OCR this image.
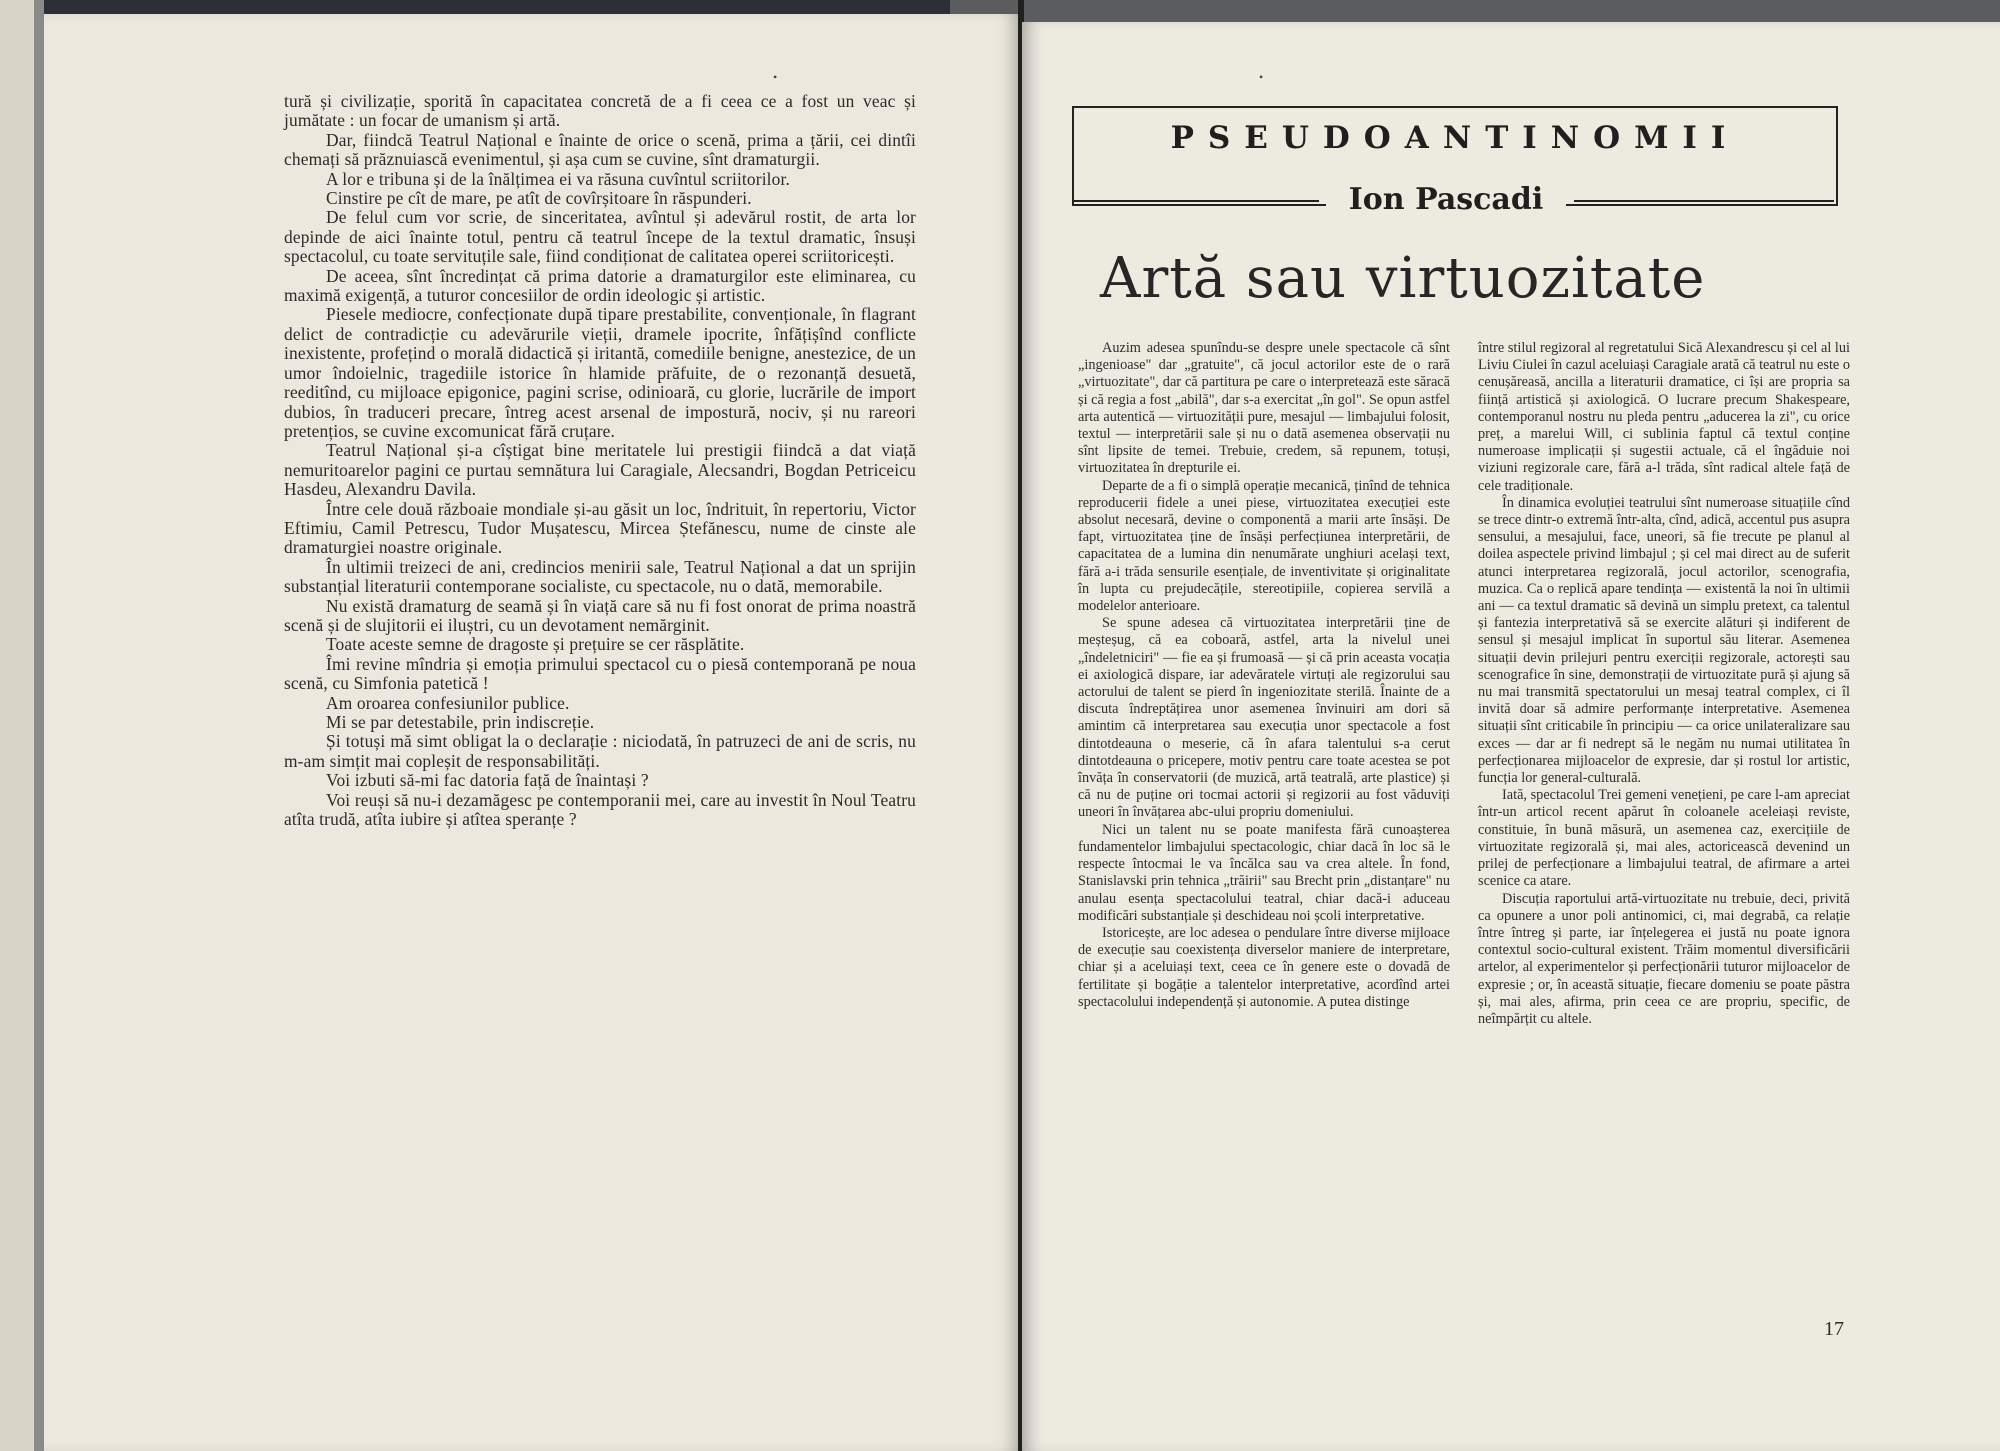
•	•

tură și civilizație, sporită în capacitatea concretă de a fi ceea ce a fost un veac și jumătate : un focar de umanism și artă.

Dar, fiindcă Teatrul Național e înainte de orice o scenă, prima a țării, cei dintîi chemați să prăznuiască evenimentul, și așa cum se cuvine, sînt dramaturgii.

A lor e tribuna și de la înălțimea ei va răsuna cuvîntul scriitorilor.

Cinstire pe cît de mare, pe atît de covîrșitoare în răspunderi.

De felul cum vor scrie, de sinceritatea, avîntul și adevărul rostit, de arta lor depinde de aici înainte totul, pentru că teatrul începe de la textul dramatic, însuși spectacolul, cu toate servituțile sale, fiind condiționat de calitatea operei scriitoricești.

De aceea, sînt încredințat că prima datorie a dramaturgilor este eliminarea, cu maximă exigență, a tuturor concesiilor de ordin ideologic și artistic.

Piesele mediocre, confecționate după tipare prestabilite, convenționale, în flagrant delict de contradicție cu adevărurile vieții, dramele ipocrite, înfățișînd conflicte inexistente, profețind o morală didactică și iritantă, comediile benigne, anestezice, de un umor îndoielnic, tragediile istorice în hlamide prăfuite, de o rezonanță desuetă, reeditînd, cu mijloace epigonice, pagini scrise, odinioară, cu glorie, lucrările de import dubios, în traduceri precare, întreg acest arsenal de impostură, nociv, și nu rareori pretențios, se cuvine excomunicat fără cruțare.

Teatrul Național și-a cîștigat bine meritatele lui prestigii fiindcă a dat viață nemuritoarelor pagini ce purtau semnătura lui Caragiale, Alecsandri, Bogdan Petriceicu Hasdeu, Alexandru Davila.

Între cele două războaie mondiale și-au găsit un loc, îndrituit, în repertoriu, Victor Eftimiu, Camil Petrescu, Tudor Mușatescu, Mircea Ștefănescu, nume de cinste ale dramaturgiei noastre originale.

În ultimii treizeci de ani, credincios menirii sale, Teatrul Național a dat un sprijin substanțial literaturii contemporane socialiste, cu spectacole, nu o dată, memorabile.

Nu există dramaturg de seamă și în viață care să nu fi fost onorat de prima noastră scenă și de slujitorii ei iluștri, cu un devotament nemărginit.

Toate aceste semne de dragoste și prețuire se cer răsplătite.

Îmi revine mîndria și emoția primului spectacol cu o piesă contemporană pe noua scenă, cu Simfonia patetică !

Am oroarea confesiunilor publice.

Mi se par detestabile, prin indiscreție.

Și totuși mă simt obligat la o declarație : niciodată, în patruzeci de ani de scris, nu m-am simțit mai copleșit de responsabilități.

Voi izbuti să-mi fac datoria față de înaintași ?

Voi reuși să nu-i dezamăgesc pe contemporanii mei, care au investit în Noul Teatru atîta trudă, atîta iubire și atîtea speranțe ?

PSEUDOANTINOMII
Ion Pascadi
Artă sau virtuozitate

Auzim adesea spunîndu-se despre unele spectacole că sînt „ingenioase" dar „gratuite", că jocul actorilor este de o rară „virtuozitate", dar că partitura pe care o interpretează este săracă și că regia a fost „abilă", dar s-a exercitat „în gol". Se opun astfel arta autentică — virtuozității pure, mesajul — limbajului folosit, textul — interpretării sale și nu o dată asemenea observații nu sînt lipsite de temei. Trebuie, credem, să repunem, totuși, virtuozitatea în drepturile ei.

Departe de a fi o simplă operație mecanică, ținînd de tehnica reproducerii fidele a unei piese, virtuozitatea execuției este absolut necesară, devine o componentă a marii arte însăși. De fapt, virtuozitatea ține de însăși perfecțiunea interpretării, de capacitatea de a lumina din nenumărate unghiuri același text, fără a-i trăda sensurile esențiale, de inventivitate și originalitate în lupta cu prejudecățile, stereotipiile, copierea servilă a modelelor anterioare.

Se spune adesea că virtuozitatea interpretării ține de meșteșug, că ea coboară, astfel, arta la nivelul unei „îndeletniciri" — fie ea și frumoasă — și că prin aceasta vocația ei axiologică dispare, iar adevăratele virtuți ale regizorului sau actorului de talent se pierd în ingeniozitate sterilă. Înainte de a discuta îndreptățirea unor asemenea învinuiri am dori să amintim că interpretarea sau execuția unor spectacole a fost dintotdeauna o meserie, că în afara talentului s-a cerut dintotdeauna o pricepere, motiv pentru care toate acestea se pot învăța în conservatorii (de muzică, artă teatrală, arte plastice) și că nu de puține ori tocmai actorii și regizorii au fost văduviți uneori în învățarea abc-ului propriu domeniului.

Nici un talent nu se poate manifesta fără cunoașterea fundamentelor limbajului spectacologic, chiar dacă în loc să le respecte întocmai le va încălca sau va crea altele. În fond, Stanislavski prin tehnica „trăirii" sau Brecht prin „distanțare" nu anulau esența spectacolului teatral, chiar dacă-i aduceau modificări substanțiale și deschideau noi școli interpretative.

Istoricește, are loc adesea o pendulare între diverse mijloace de execuție sau coexistența diverselor maniere de interpretare, chiar și a aceluiași text, ceea ce în genere este o dovadă de fertilitate și bogăție a talentelor interpretative, acordînd artei spectacolului independență și autonomie. A putea distinge

între stilul regizoral al regretatului Sică Alexandrescu și cel al lui Liviu Ciulei în cazul aceluiași Caragiale arată că teatrul nu este o cenușăreasă, ancilla a literaturii dramatice, ci își are propria sa ființă artistică și axiologică. O lucrare precum Shakespeare, contemporanul nostru nu pleda pentru „aducerea la zi", cu orice preț, a marelui Will, ci sublinia faptul că textul conține numeroase implicații și sugestii actuale, că el îngăduie noi viziuni regizorale care, fără a-l trăda, sînt radical altele față de cele tradiționale.

În dinamica evoluției teatrului sînt numeroase situațiile cînd se trece dintr-o extremă într-alta, cînd, adică, accentul pus asupra sensului, a mesajului, face, uneori, să fie trecute pe planul al doilea aspectele privind limbajul ; și cel mai direct au de suferit atunci interpretarea regizorală, jocul actorilor, scenografia, muzica. Ca o replică apare tendința — existentă la noi în ultimii ani — ca textul dramatic să devină un simplu pretext, ca talentul și fantezia interpretativă să se exercite alături și indiferent de sensul și mesajul implicat în suportul său literar. Asemenea situații devin prilejuri pentru exerciții regizorale, actorești sau scenografice în sine, demonstrații de virtuozitate pură și ajung să nu mai transmită spectatorului un mesaj teatral complex, ci îl invită doar să admire performanțe interpretative. Asemenea situații sînt criticabile în principiu — ca orice unilateralizare sau exces — dar ar fi nedrept să le negăm nu numai utilitatea în perfecționarea mijloacelor de expresie, dar și rostul lor artistic, funcția lor general-culturală.

Iată, spectacolul Trei gemeni venețieni, pe care l-am apreciat într-un articol recent apărut în coloanele aceleiași reviste, constituie, în bună măsură, un asemenea caz, exercițiile de virtuozitate regizorală și, mai ales, actoricească devenind un prilej de perfecționare a limbajului teatral, de afirmare a artei scenice ca atare.

Discuția raportului artă-virtuozitate nu trebuie, deci, privită ca opunere a unor poli antinomici, ci, mai degrabă, ca relație între întreg și parte, iar înțelegerea ei justă nu poate ignora contextul socio-cultural existent. Trăim momentul diversificării artelor, al experimentelor și perfecționării tuturor mijloacelor de expresie ; or, în această situație, fiecare domeniu se poate păstra și, mai ales, afirma, prin ceea ce are propriu, specific, de neîmpărțit cu altele.

17
